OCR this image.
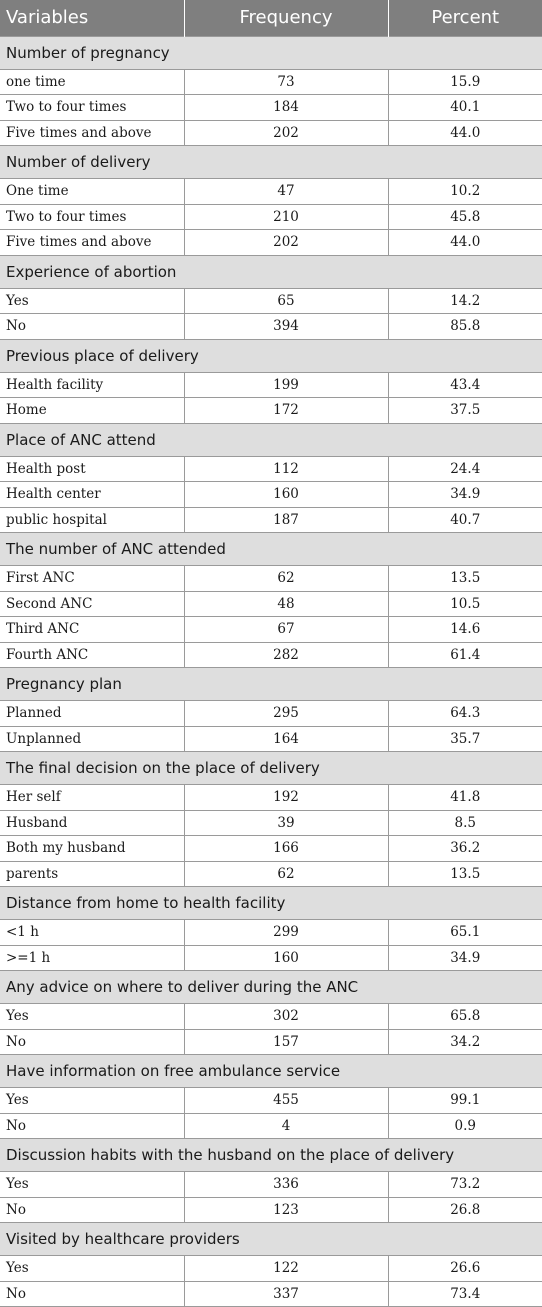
Variables	Frequency	Percent
Number of pregnancy		
one time	73	15.9
Two to four times	184	40.1
Five times and above	202	44.0
Number of delivery		
One time	47	10.2
Two to four times	210	45.8
Five times and above	202	44.0
Experience of abortion		
Yes	65	14.2
No	394	85.8
Previous place of delivery		
Health facility	199	43.4
Home	172	37.5
Place of ANC attend		
Health post	112	24.4
Health center	160	34.9
public hospital	187	40.7
The number of ANC attended		
First ANC	62	13.5
Second ANC	48	10.5
Third ANC	67	14.6
Fourth ANC	282	61.4
Pregnancy plan		
Planned	295	64.3
Unplanned	164	35.7
The final decision on the place of delivery		
Her self	192	41.8
Husband	39	8.5
Both my husband	166	36.2
parents	62	13.5
Distance from home to health facility		
<1 h	299	65.1
>=1 h	160	34.9
Any advice on where to deliver during the ANC		
Yes	302	65.8
No	157	34.2
Have information on free ambulance service		
Yes	455	99.1
No	4	0.9
Discussion habits with the husband on the place of delivery		
Yes	336	73.2
No	123	26.8
Visited by healthcare providers		
Yes	122	26.6
No	337	73.4
